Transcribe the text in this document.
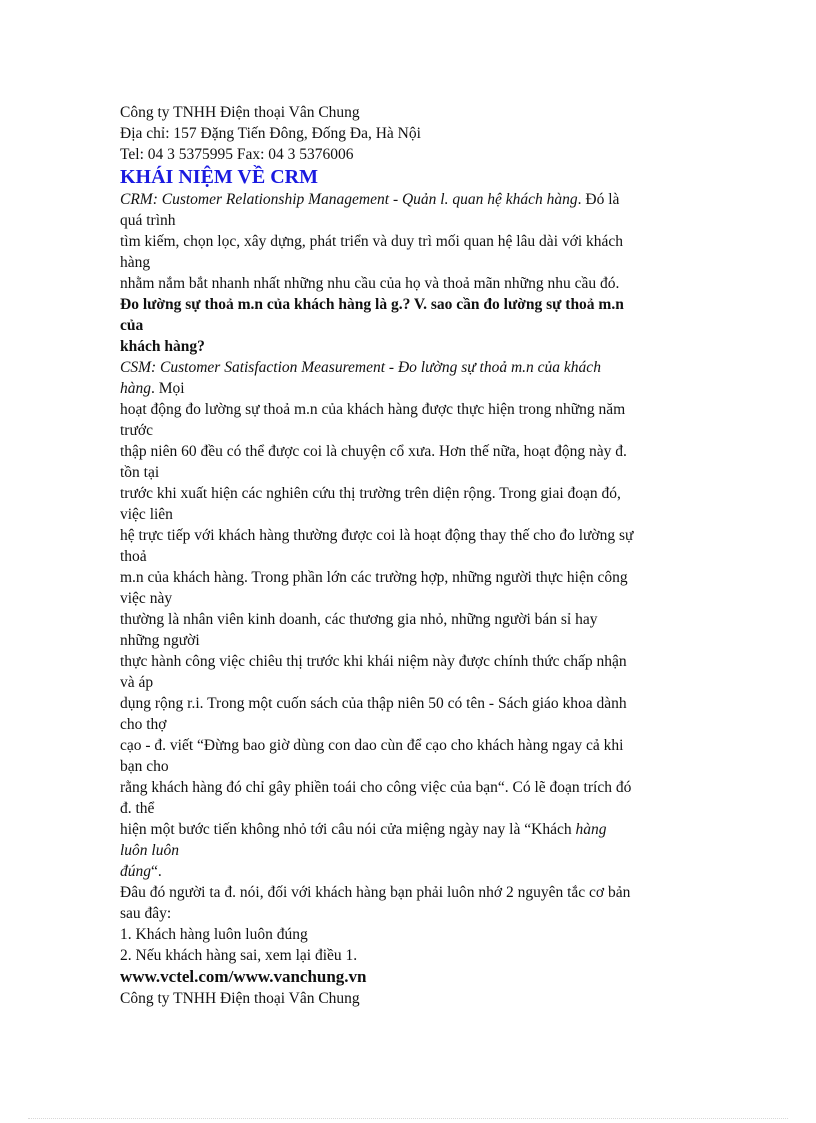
Công ty TNHH Điện thoại Vân Chung
Địa chỉ: 157 Đặng Tiến Đông, Đống Đa, Hà Nội
Tel: 04 3 5375995 Fax: 04 3 5376006
KHÁI NIỆM VỀ CRM
CRM: Customer Relationship Management - Quản l. quan hệ khách hàng. Đó là
quá trình
tìm kiếm, chọn lọc, xây dựng, phát triển và duy trì mối quan hệ lâu dài với khách
hàng
nhằm nắm bắt nhanh nhất những nhu cầu của họ và thoả mãn những nhu cầu đó.
Đo lường sự thoả m.n của khách hàng là g.? V. sao cần đo lường sự thoả m.n
của
khách hàng?
CSM: Customer Satisfaction Measurement - Đo lường sự thoả m.n của khách
hàng. Mọi
hoạt động đo lường sự thoả m.n của khách hàng được thực hiện trong những năm
trước
thập niên 60 đều có thể được coi là chuyện cổ xưa. Hơn thế nữa, hoạt động này đ.
tồn tại
trước khi xuất hiện các nghiên cứu thị trường trên diện rộng. Trong giai đoạn đó,
việc liên
hệ trực tiếp với khách hàng thường được coi là hoạt động thay thế cho đo lường sự
thoả
m.n của khách hàng. Trong phần lớn các trường hợp, những người thực hiện công
việc này
thường là nhân viên kinh doanh, các thương gia nhỏ, những người bán sỉ hay
những người
thực hành công việc chiêu thị trước khi khái niệm này được chính thức chấp nhận
và áp
dụng rộng r.i. Trong một cuốn sách của thập niên 50 có tên - Sách giáo khoa dành
cho thợ
cạo - đ. viết “Đừng bao giờ dùng con dao cùn để cạo cho khách hàng ngay cả khi
bạn cho
rằng khách hàng đó chỉ gây phiền toái cho công việc của bạn“. Có lẽ đoạn trích đó
đ. thể
hiện một bước tiến không nhỏ tới câu nói cửa miệng ngày nay là “Khách hàng
luôn luôn
đúng“.
Đâu đó người ta đ. nói, đối với khách hàng bạn phải luôn nhớ 2 nguyên tắc cơ bản
sau đây:
1. Khách hàng luôn luôn đúng
2. Nếu khách hàng sai, xem lại điều 1.
www.vctel.com/www.vanchung.vn
Công ty TNHH Điện thoại Vân Chung
